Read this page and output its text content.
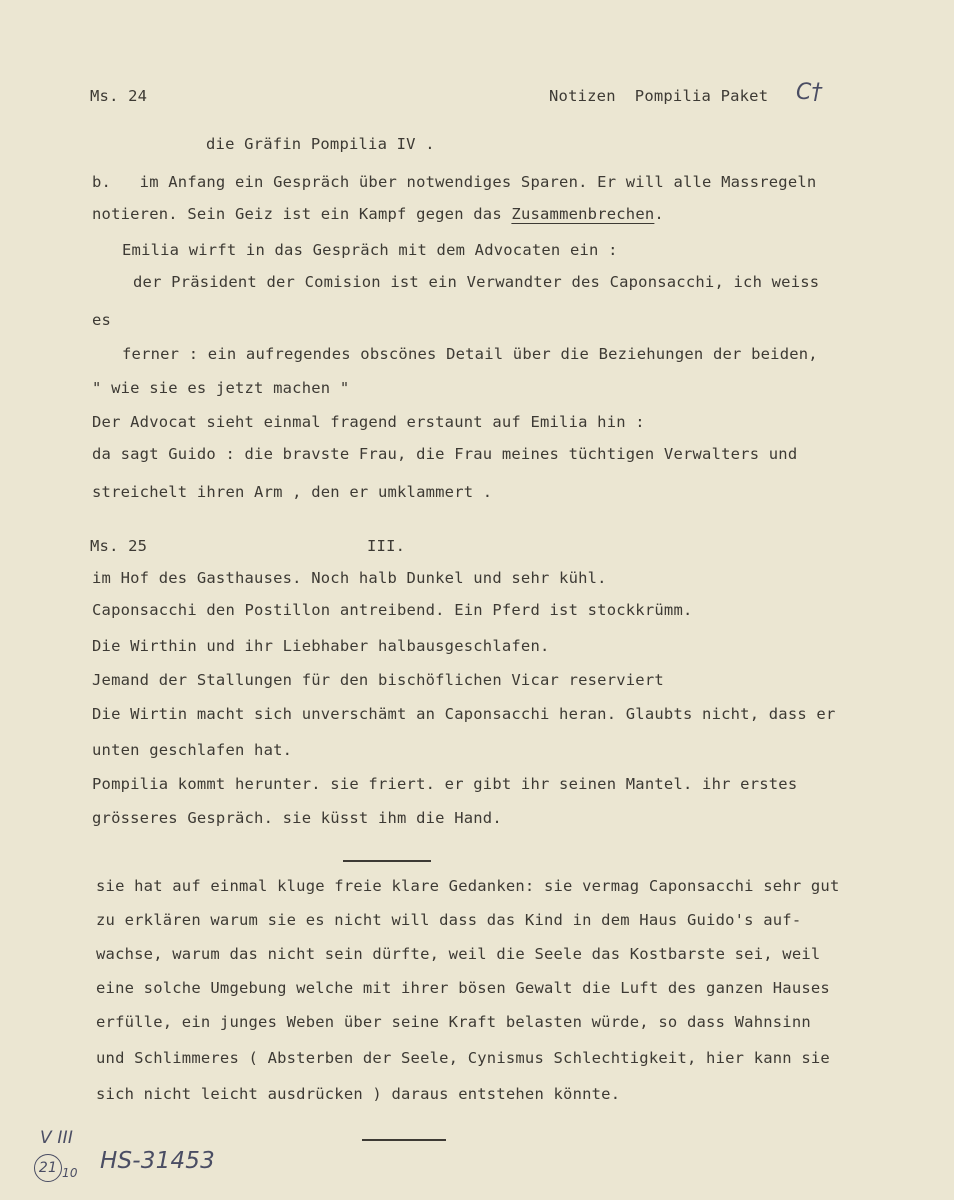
Ms. 24	Notizen  Pompilia Paket C†
die Gräfin Pompilia IV .
b.   im Anfang ein Gespräch über notwendiges Sparen. Er will alle Massregeln
notieren. Sein Geiz ist ein Kampf gegen das Zusammenbrechen.
Emilia wirft in das Gespräch mit dem Advocaten ein :
der Präsident der Comision ist ein Verwandter des Caponsacchi, ich weiss
es
ferner : ein aufregendes obscönes Detail über die Beziehungen der beiden,
" wie sie es jetzt machen "
Der Advocat sieht einmal fragend erstaunt auf Emilia hin :
da sagt Guido : die bravste Frau, die Frau meines tüchtigen Verwalters und
streichelt ihren Arm , den er umklammert .
Ms. 25	III.
im Hof des Gasthauses. Noch halb Dunkel und sehr kühl.
Caponsacchi den Postillon antreibend. Ein Pferd ist stockkrümm.
Die Wirthin und ihr Liebhaber halbausgeschlafen.
Jemand der Stallungen für den bischöflichen Vicar reserviert
Die Wirtin macht sich unverschämt an Caponsacchi heran. Glaubts nicht, dass er
unten geschlafen hat.
Pompilia kommt herunter. sie friert. er gibt ihr seinen Mantel. ihr erstes
grösseres Gespräch. sie küsst ihm die Hand.
sie hat auf einmal kluge freie klare Gedanken: sie vermag Caponsacchi sehr gut
zu erklären warum sie es nicht will dass das Kind in dem Haus Guido's auf-
wachse, warum das nicht sein dürfte, weil die Seele das Kostbarste sei, weil
eine solche Umgebung welche mit ihrer bösen Gewalt die Luft des ganzen Hauses
erfülle, ein junges Weben über seine Kraft belasten würde, so dass Wahnsinn
und Schlimmeres ( Absterben der Seele, Cynismus Schlechtigkeit, hier kann sie
sich nicht leicht ausdrücken ) daraus entstehen könnte.
V III
21 10 HS-31453
